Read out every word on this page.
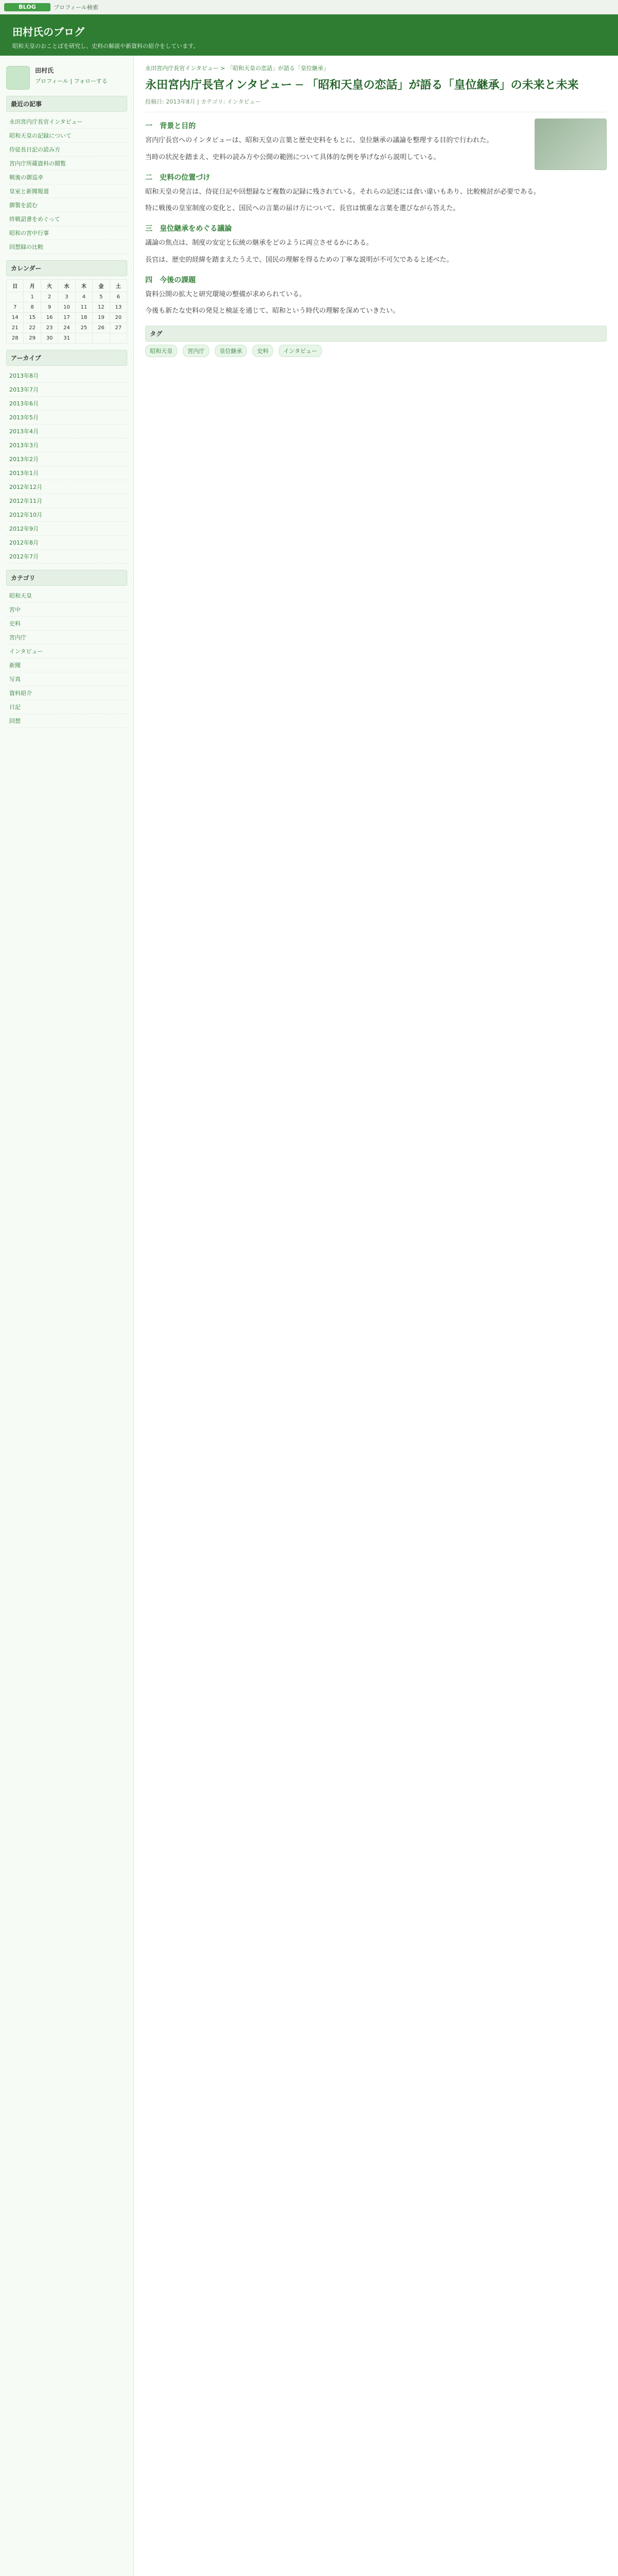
BLOG	プロフィール検索
田村氏のブログ

昭和天皇のおことばを研究し、史料の解説や新資料の紹介をしています。

田村氏
プロフィール | フォローする
最近の記事
永田宮内庁長官インタビュー
昭和天皇の記録について
侍従長日記の読み方
宮内庁所蔵資料の閲覧
戦後の御巡幸
皇室と新聞報道
御製を読む
終戦詔書をめぐって
昭和の宮中行事
回想録の比較
カレンダー
日	月	火	水	木	金	土
	1	2	3	4	5	6
7	8	9	10	11	12	13
14	15	16	17	18	19	20
21	22	23	24	25	26	27
28	29	30	31			
アーカイブ
2013年8月
2013年7月
2013年6月
2013年5月
2013年4月
2013年3月
2013年2月
2013年1月
2012年12月
2012年11月
2012年10月
2012年9月
2012年8月
2012年7月
カテゴリ
昭和天皇
宮中
史料
宮内庁
インタビュー
新聞
写真
資料紹介
日記
回想
永田宮内庁長官インタビュー > 「昭和天皇の恋話」が語る「皇位継承」
永田宮内庁長官インタビュー ─ 「昭和天皇の恋話」が語る「皇位継承」の未来と未来
投稿日: 2013年8月 | カテゴリ: インタビュー
一　背景と目的

宮内庁長官へのインタビューは、昭和天皇の言葉と歴史史料をもとに、皇位継承の議論を整理する目的で行われた。

当時の状況を踏まえ、史料の読み方や公開の範囲について具体的な例を挙げながら説明している。

二　史料の位置づけ

昭和天皇の発言は、侍従日記や回想録など複数の記録に残されている。それらの記述には食い違いもあり、比較検討が必要である。

特に戦後の皇室制度の変化と、国民への言葉の届け方について、長官は慎重な言葉を選びながら答えた。

三　皇位継承をめぐる議論

議論の焦点は、制度の安定と伝統の継承をどのように両立させるかにある。

長官は、歴史的経緯を踏まえたうえで、国民の理解を得るための丁寧な説明が不可欠であると述べた。

四　今後の課題

資料公開の拡大と研究環境の整備が求められている。

今後も新たな史料の発見と検証を通じて、昭和という時代の理解を深めていきたい。

タグ
昭和天皇	宮内庁	皇位継承	史料	インタビュー
